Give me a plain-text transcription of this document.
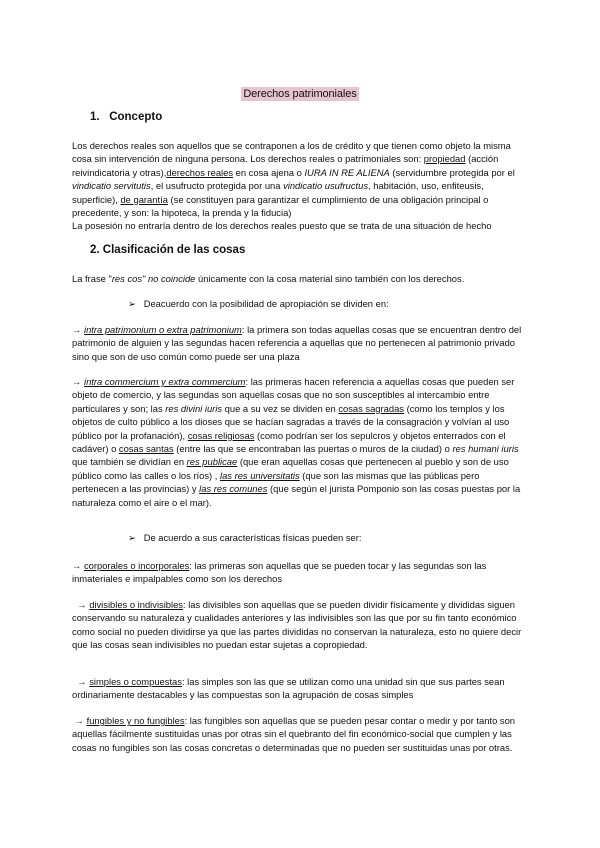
Derechos patrimoniales
1. Concepto
Los derechos reales son aquellos que se contraponen a los de crédito y que tienen como objeto la misma cosa sin intervención de ninguna persona. Los derechos reales o patrimoniales son: propiedad (acción reivindicatoria y otras),derechos reales en cosa ajena o IURA IN RE ALIENA (servidumbre protegida por el vindicatio servitutis, el usufructo protegida por una vindicatio usufructus, habitación, uso, enfiteusis, superficie), de garantía (se constituyen para garantizar el cumplimiento de una obligación principal o precedente, y son: la hipoteca, la prenda y la fiducia)
La posesión no entraría dentro de los derechos reales puesto que se trata de una situación de hecho
2. Clasificación de las cosas
La frase "res cos" no coincide únicamente con la cosa material sino también con los derechos.
➢ Deacuerdo con la posibilidad de apropiación se dividen en:
→ intra patrimonium o extra patrimonium: la primera son todas aquellas cosas que se encuentran dentro del patrimonio de alguien y las segundas hacen referencia a aquellas que no pertenecen al patrimonio privado sino que son de uso común como puede ser una plaza
→ intra commercium y extra commercium: las primeras hacen referencia a aquellas cosas que pueden ser objeto de comercio, y las segundas son aquellas cosas que no son susceptibles al intercambio entre particulares y son; las res divini iuris que a su vez se dividen en cosas sagradas (como los templos y los objetos de culto público a los dioses que se hacían sagradas a través de la consagración y volvían al uso público por la profanación), cosas religiosas (como podrían ser los sepulcros y objetos enterrados con el cadáver) o cosas santas (entre las que se encontraban las puertas o muros de la ciudad) o res humani iuris que también se dividían en res publicae (que eran aquellas cosas que pertenecen al pueblo y son de uso público como las calles o los ríos) , las res universitatis (que son las mismas que las públicas pero pertenecen a las provincias) y las res comunes (que según el jurista Pomponio son las cosas puestas por la naturaleza como el aire o el mar).
➢ De acuerdo a sus características físicas pueden ser:
→ corporales o incorporales: las primeras son aquellas que se pueden tocar y las segundas son las inmateriales e impalpables como son los derechos
→ divisibles o indivisibles: las divisibles son aquellas que se pueden dividir físicamente y divididas siguen conservando su naturaleza y cualidades anteriores y las indivisibles son las que por su fin tanto económico como social no pueden dividirse ya que las partes divididas no conservan la naturaleza, esto no quiere decir que las cosas sean indivisibles no puedan estar sujetas a copropiedad.
→ simples o compuestas: las simples son las que se utilizan como una unidad sin que sus partes sean ordinariamente destacables y las compuestas son la agrupación de cosas simples
→ fungibles y no fungibles: las fungibles son aquellas que se pueden pesar contar o medir y por tanto son aquellas fácilmente sustituidas unas por otras sin el quebranto del fin económico-social que cumplen y las cosas no fungibles son las cosas concretas o determinadas que no pueden ser sustituidas unas por otras.
